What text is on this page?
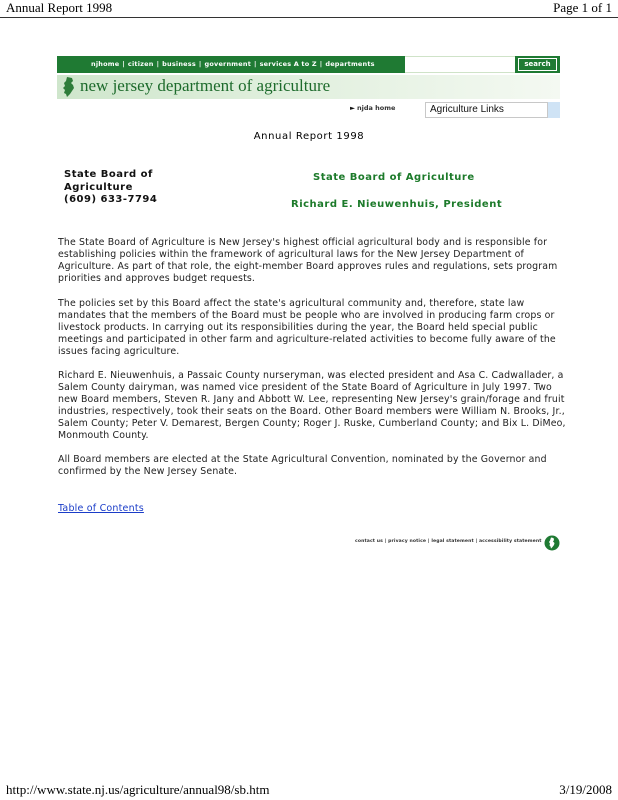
Annual Report 1998	Page 1 of 1
njhome | citizen | business | government | services A to Z | departments	search
new jersey department of agriculture
► njda home	Agriculture Links
Annual Report 1998
State Board of Agriculture
(609) 633-7794
State Board of Agriculture
Richard E. Nieuwenhuis, President

The State Board of Agriculture is New Jersey's highest official agricultural body and is responsible for establishing policies within the framework of agricultural laws for the New Jersey Department of Agriculture. As part of that role, the eight-member Board approves rules and regulations, sets program priorities and approves budget requests.

The policies set by this Board affect the state's agricultural community and, therefore, state law mandates that the members of the Board must be people who are involved in producing farm crops or livestock products. In carrying out its responsibilities during the year, the Board held special public meetings and participated in other farm and agriculture-related activities to become fully aware of the issues facing agriculture.

Richard E. Nieuwenhuis, a Passaic County nurseryman, was elected president and Asa C. Cadwallader, a Salem County dairyman, was named vice president of the State Board of Agriculture in July 1997. Two new Board members, Steven R. Jany and Abbott W. Lee, representing New Jersey's grain/forage and fruit industries, respectively, took their seats on the Board. Other Board members were William N. Brooks, Jr., Salem County; Peter V. Demarest, Bergen County; Roger J. Ruske, Cumberland County; and Bix L. DiMeo, Monmouth County.

All Board members are elected at the State Agricultural Convention, nominated by the Governor and confirmed by the New Jersey Senate.

Table of Contents
contact us | privacy notice | legal statement | accessibility statement
http://www.state.nj.us/agriculture/annual98/sb.htm	3/19/2008
